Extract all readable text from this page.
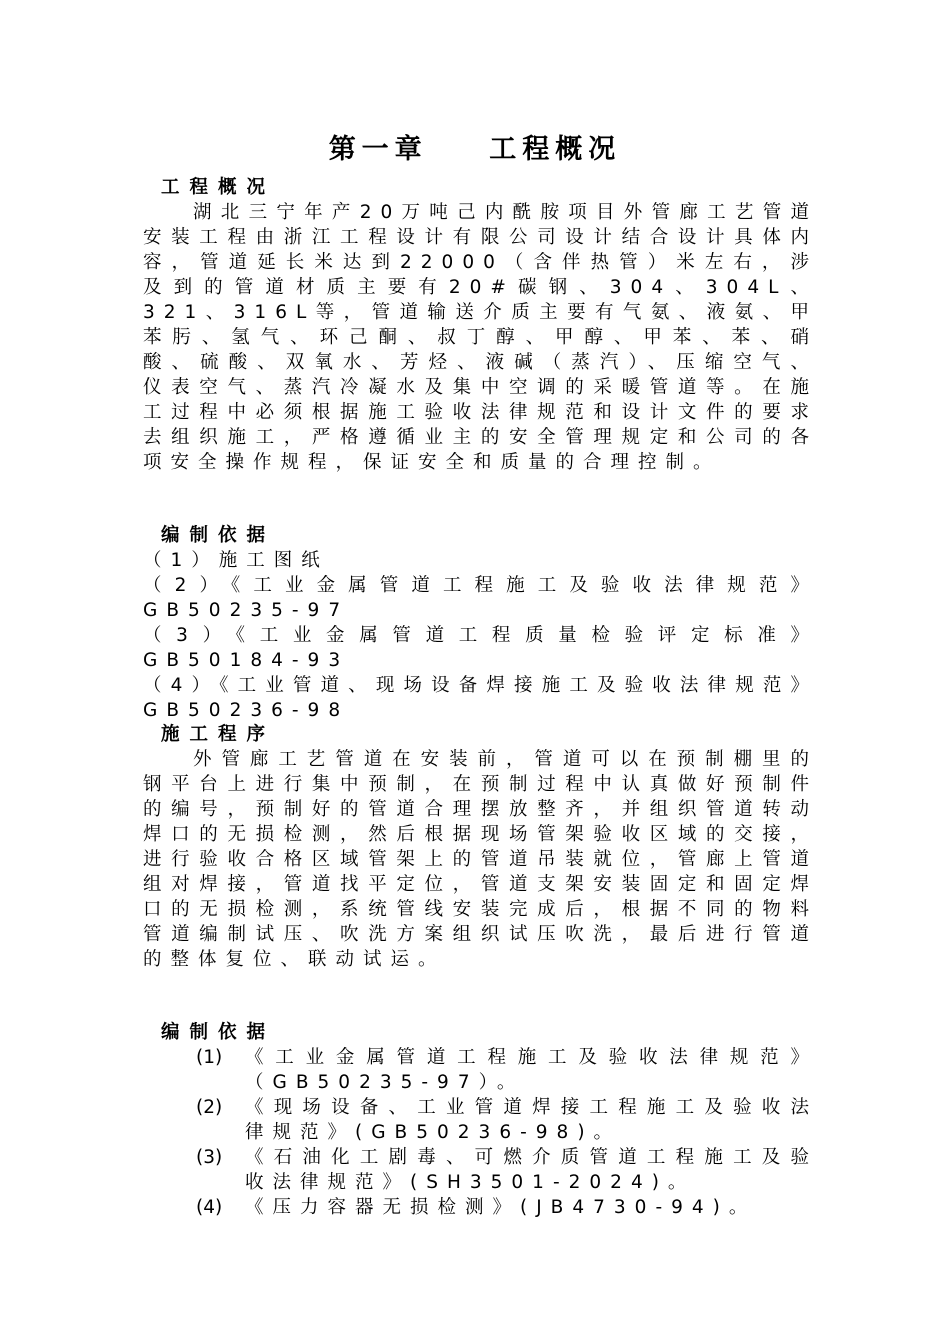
第一章    工程概况
工程概况
湖北三宁年产20万吨己内酰胺项目外管廊工艺管道安装工程由浙江工程设计有限公司设计结合设计具体内容，管道延长米达到22000（含伴热管）米左右，涉及到的管道材质主要有20#碳钢、304、304L、321、316L等，管道输送介质主要有气氨、液氨、甲苯肟、氢气、环己酮、叔丁醇、甲醇、甲苯、苯、硝酸、硫酸、双氧水、芳烃、液碱（蒸汽）、压缩空气、仪表空气、蒸汽冷凝水及集中空调的采暖管道等。在施工过程中必须根据施工验收法律规范和设计文件的要求去组织施工，严格遵循业主的安全管理规定和公司的各项安全操作规程，保证安全和质量的合理控制。
编制依据
（1）施工图纸
（2）《工业金属管道工程施工及验收法律规范》GB50235-97
（3）《工业金属管道工程质量检验评定标准》GB50184-93
（4）《工业管道、现场设备焊接施工及验收法律规范》GB50236-98
施工程序
外管廊工艺管道在安装前，管道可以在预制棚里的钢平台上进行集中预制，在预制过程中认真做好预制件的编号，预制好的管道合理摆放整齐，并组织管道转动焊口的无损检测，然后根据现场管架验收区域的交接，进行验收合格区域管架上的管道吊装就位，管廊上管道组对焊接，管道找平定位，管道支架安装固定和固定焊口的无损检测，系统管线安装完成后，根据不同的物料管道编制试压、吹洗方案组织试压吹洗，最后进行管道的整体复位、联动试运。
编制依据
(1) 《工业金属管道工程施工及验收法律规范》（GB50235-97）。
(2) 《现场设备、工业管道焊接工程施工及验收法律规范》(GB50236-98)。
(3) 《石油化工剧毒、可燃介质管道工程施工及验收法律规范》(SH3501-2024)。
(4) 《压力容器无损检测》(JB4730-94)。
